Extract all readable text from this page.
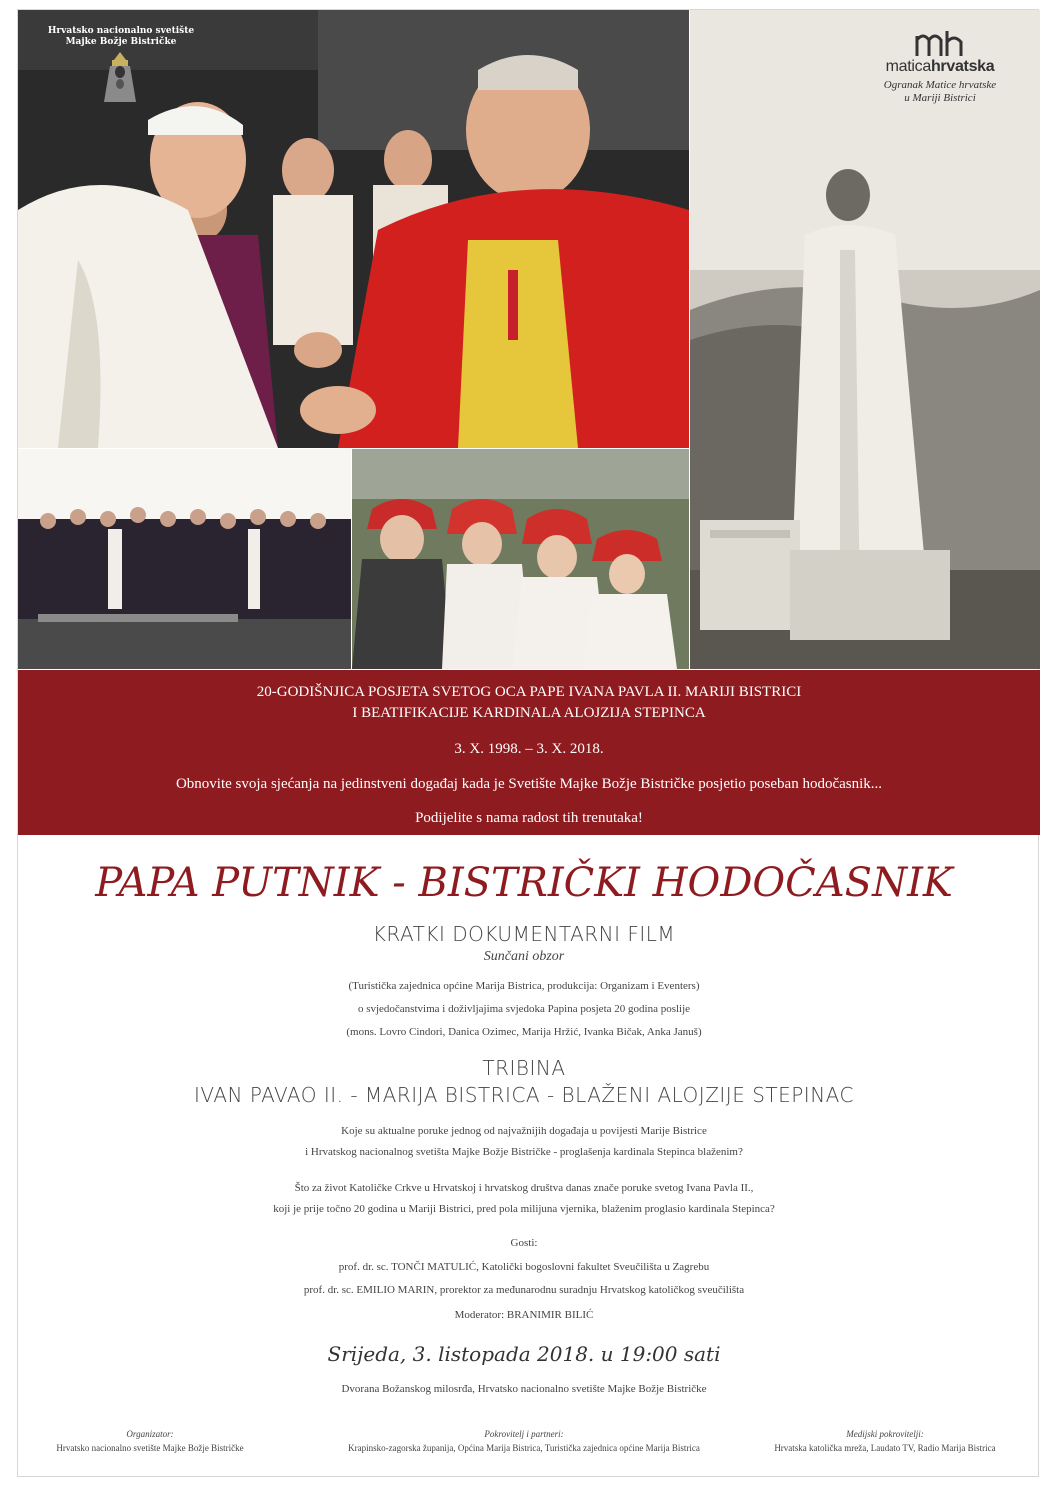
Hrvatsko nacionalno svetište
Majke Božje Bistričke
maticahrvatska
Ogranak Matice hrvatske
u Mariji Bistrici
20-GODIŠNJICA POSJETA SVETOG OCA PAPE IVANA PAVLA II. MARIJI BISTRICI
I BEATIFIKACIJE KARDINALA ALOJZIJA STEPINCA
3. X. 1998. – 3. X. 2018.
Obnovite svoja sjećanja na jedinstveni događaj kada je Svetište Majke Božje Bistričke posjetio poseban hodočasnik...
Podijelite s nama radost tih trenutaka!
PAPA PUTNIK - BISTRIČKI HODOČASNIK
KRATKI DOKUMENTARNI FILM
Sunčani obzor
(Turistička zajednica općine Marija Bistrica, produkcija: Organizam i Eventers)
o svjedočanstvima i doživljajima svjedoka Papina posjeta 20 godina poslije
(mons. Lovro Cindori, Danica Ozimec, Marija Hržić, Ivanka Bičak, Anka Januš)
TRIBINA
IVAN PAVAO II. - MARIJA BISTRICA - BLAŽENI ALOJZIJE STEPINAC
Koje su aktualne poruke jednog od najvažnijih događaja u povijesti Marije Bistrice
i Hrvatskog nacionalnog svetišta Majke Božje Bistričke - proglašenja kardinala Stepinca blaženim?
Što za život Katoličke Crkve u Hrvatskoj i hrvatskog društva danas znače poruke svetog Ivana Pavla II.,
koji je prije točno 20 godina u Mariji Bistrici, pred pola milijuna vjernika, blaženim proglasio kardinala Stepinca?
Gosti:
prof. dr. sc. TONČI MATULIĆ, Katolički bogoslovni fakultet Sveučilišta u Zagrebu
prof. dr. sc. EMILIO MARIN, prorektor za međunarodnu suradnju Hrvatskog katoličkog sveučilišta
Moderator: BRANIMIR BILIĆ
Srijeda, 3. listopada 2018. u 19:00 sati
Dvorana Božanskog milosrđa, Hrvatsko nacionalno svetište Majke Božje Bistričke
Organizator:
Hrvatsko nacionalno svetište Majke Božje Bistričke
Pokrovitelj i partneri:
Krapinsko-zagorska županija, Općina Marija Bistrica, Turistička zajednica općine Marija Bistrica
Medijski pokrovitelji:
Hrvatska katolička mreža, Laudato TV, Radio Marija Bistrica
